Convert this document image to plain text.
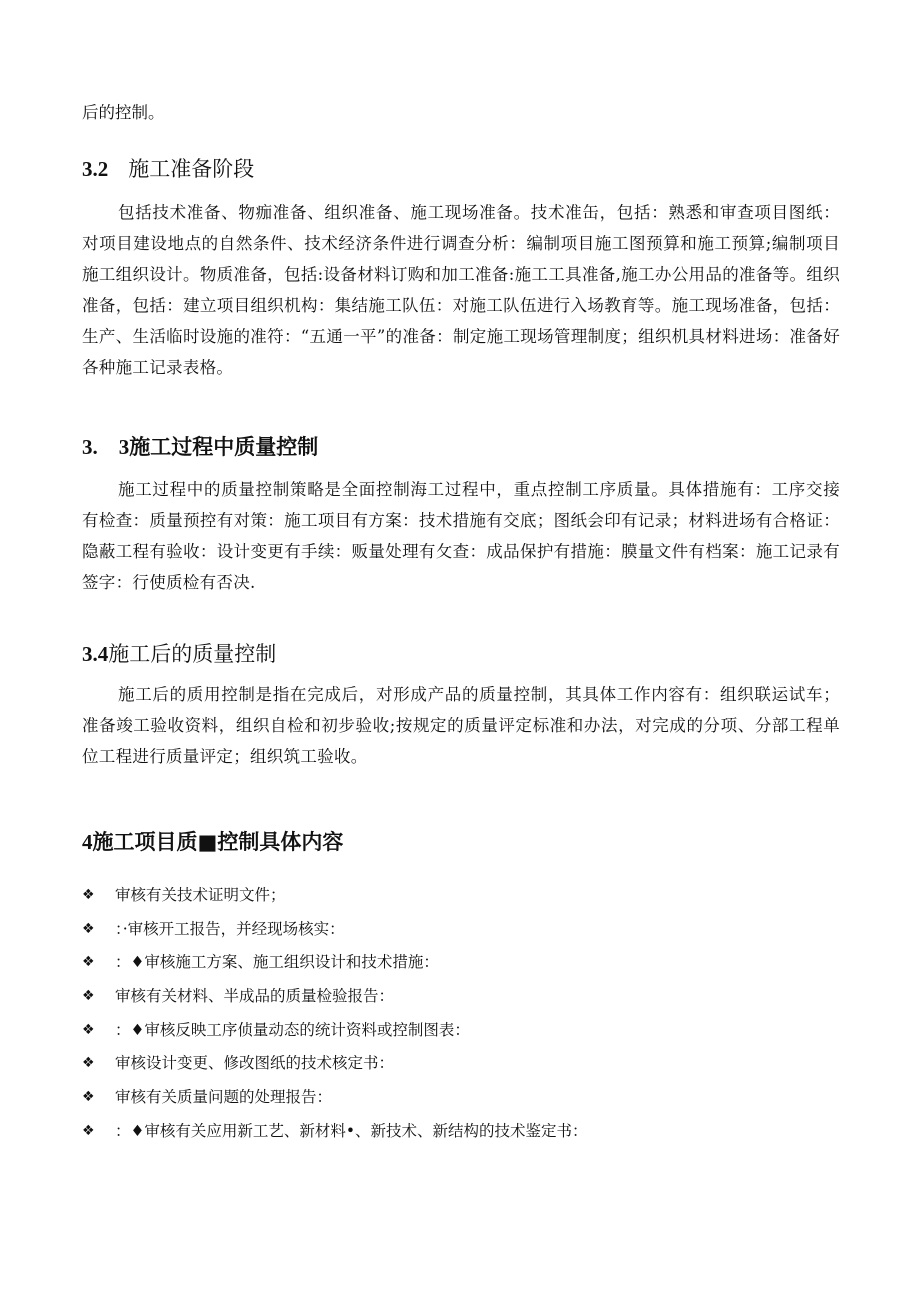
后的控制。
3.2 施工准备阶段

包括技术准备、物痂准备、组织准备、施工现场准备。技术准缶，包括：熟悉和审查项目图纸：对项目建设地点的自然条件、技术经济条件进行调查分析：编制项目施工图预算和施工预算;编制项目施工组织设计。物质准备，包括:设备材料订购和加工准备:施工工具准备,施工办公用品的准备等。组织准备，包括：建立项目组织机构：集结施工队伍：对施工队伍进行入场教育等。施工现场准备，包括：生产、生活临时设施的准符：“五通一平”的准备：制定施工现场管理制度；组织机具材料进场：准备好各种施工记录表格。

3.　3施工过程中质量控制

施工过程中的质量控制策略是全面控制海工过程中，重点控制工序质量。具体措施有：工序交接有检查：质量预控有对策：施工项目有方案：技术措施有交底；图纸会印有记录；材料进场有合格证：隐蔽工程有验收：设计变更有手续：贩量处理有攵查：成品保护有措施：膜量文件有档案：施工记录有签字：行使质检有否决.

3.4施工后的质量控制

施工后的质用控制是指在完成后，对形成产品的质量控制，其具体工作内容有：组织联运试车；准备竣工验收资料，组织自检和初步验收;按规定的质量评定标准和办法，对完成的分项、分部工程单位工程进行质量评定；组织筑工验收。

4施工项目质■控制具体内容
❖	审核有关技术证明文件；
❖	：·审核开工报告，并经现场核实：
❖	：♦审核施工方案、施工组织设计和技术措施：
❖	审核有关材料、半成品的质量检验报告：
❖	：♦审核反映工序侦量动态的统计资料或控制图表：
❖	审核设计变更、修改图纸的技术核定书：
❖	审核有关质量问题的处理报告：
❖	：♦审核有关应用新工艺、新材料•、新技术、新结构的技术鉴定书：
